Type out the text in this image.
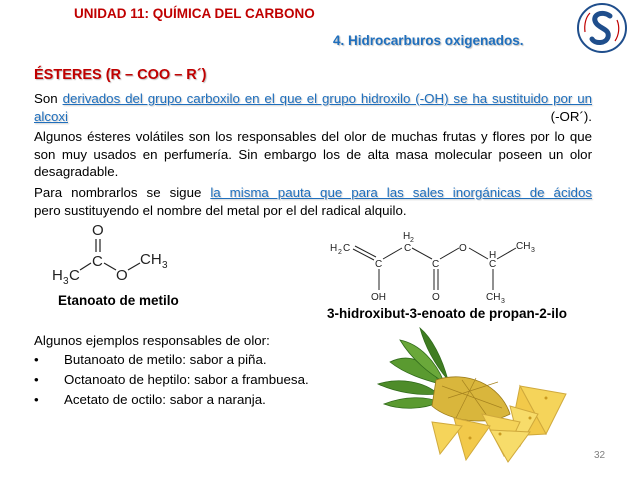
UNIDAD 11: QUÍMICA DEL CARBONO
4. Hidrocarburos oxigenados.
ÉSTERES (R – COO – R´)
Son derivados del grupo carboxilo en el que el grupo hidroxilo (-OH) se ha sustituido por un alcoxi (-OR´).
Algunos ésteres volátiles son los responsables del olor de muchas frutas y flores por lo que son muy usados en perfumería. Sin embargo los de alta masa molecular poseen un olor desagradable.
Para nombrarlos se sigue la misma pauta que para las sales inorgánicas de ácidos
pero sustituyendo el nombre del metal por el del radical alquilo.
O
C
H 3 C O
CH 3
H 2 C
C
OH
H 2
C
C
O
O
H
C
CH 3
CH 3
Etanoato de metilo
3-hidroxibut-3-enoato de propan-2-ilo
Algunos ejemplos responsables de olor:
• Butanoato de metilo: sabor a piña.
• Octanoato de heptilo: sabor a frambuesa.
• Acetato de octilo: sabor a naranja.
32
